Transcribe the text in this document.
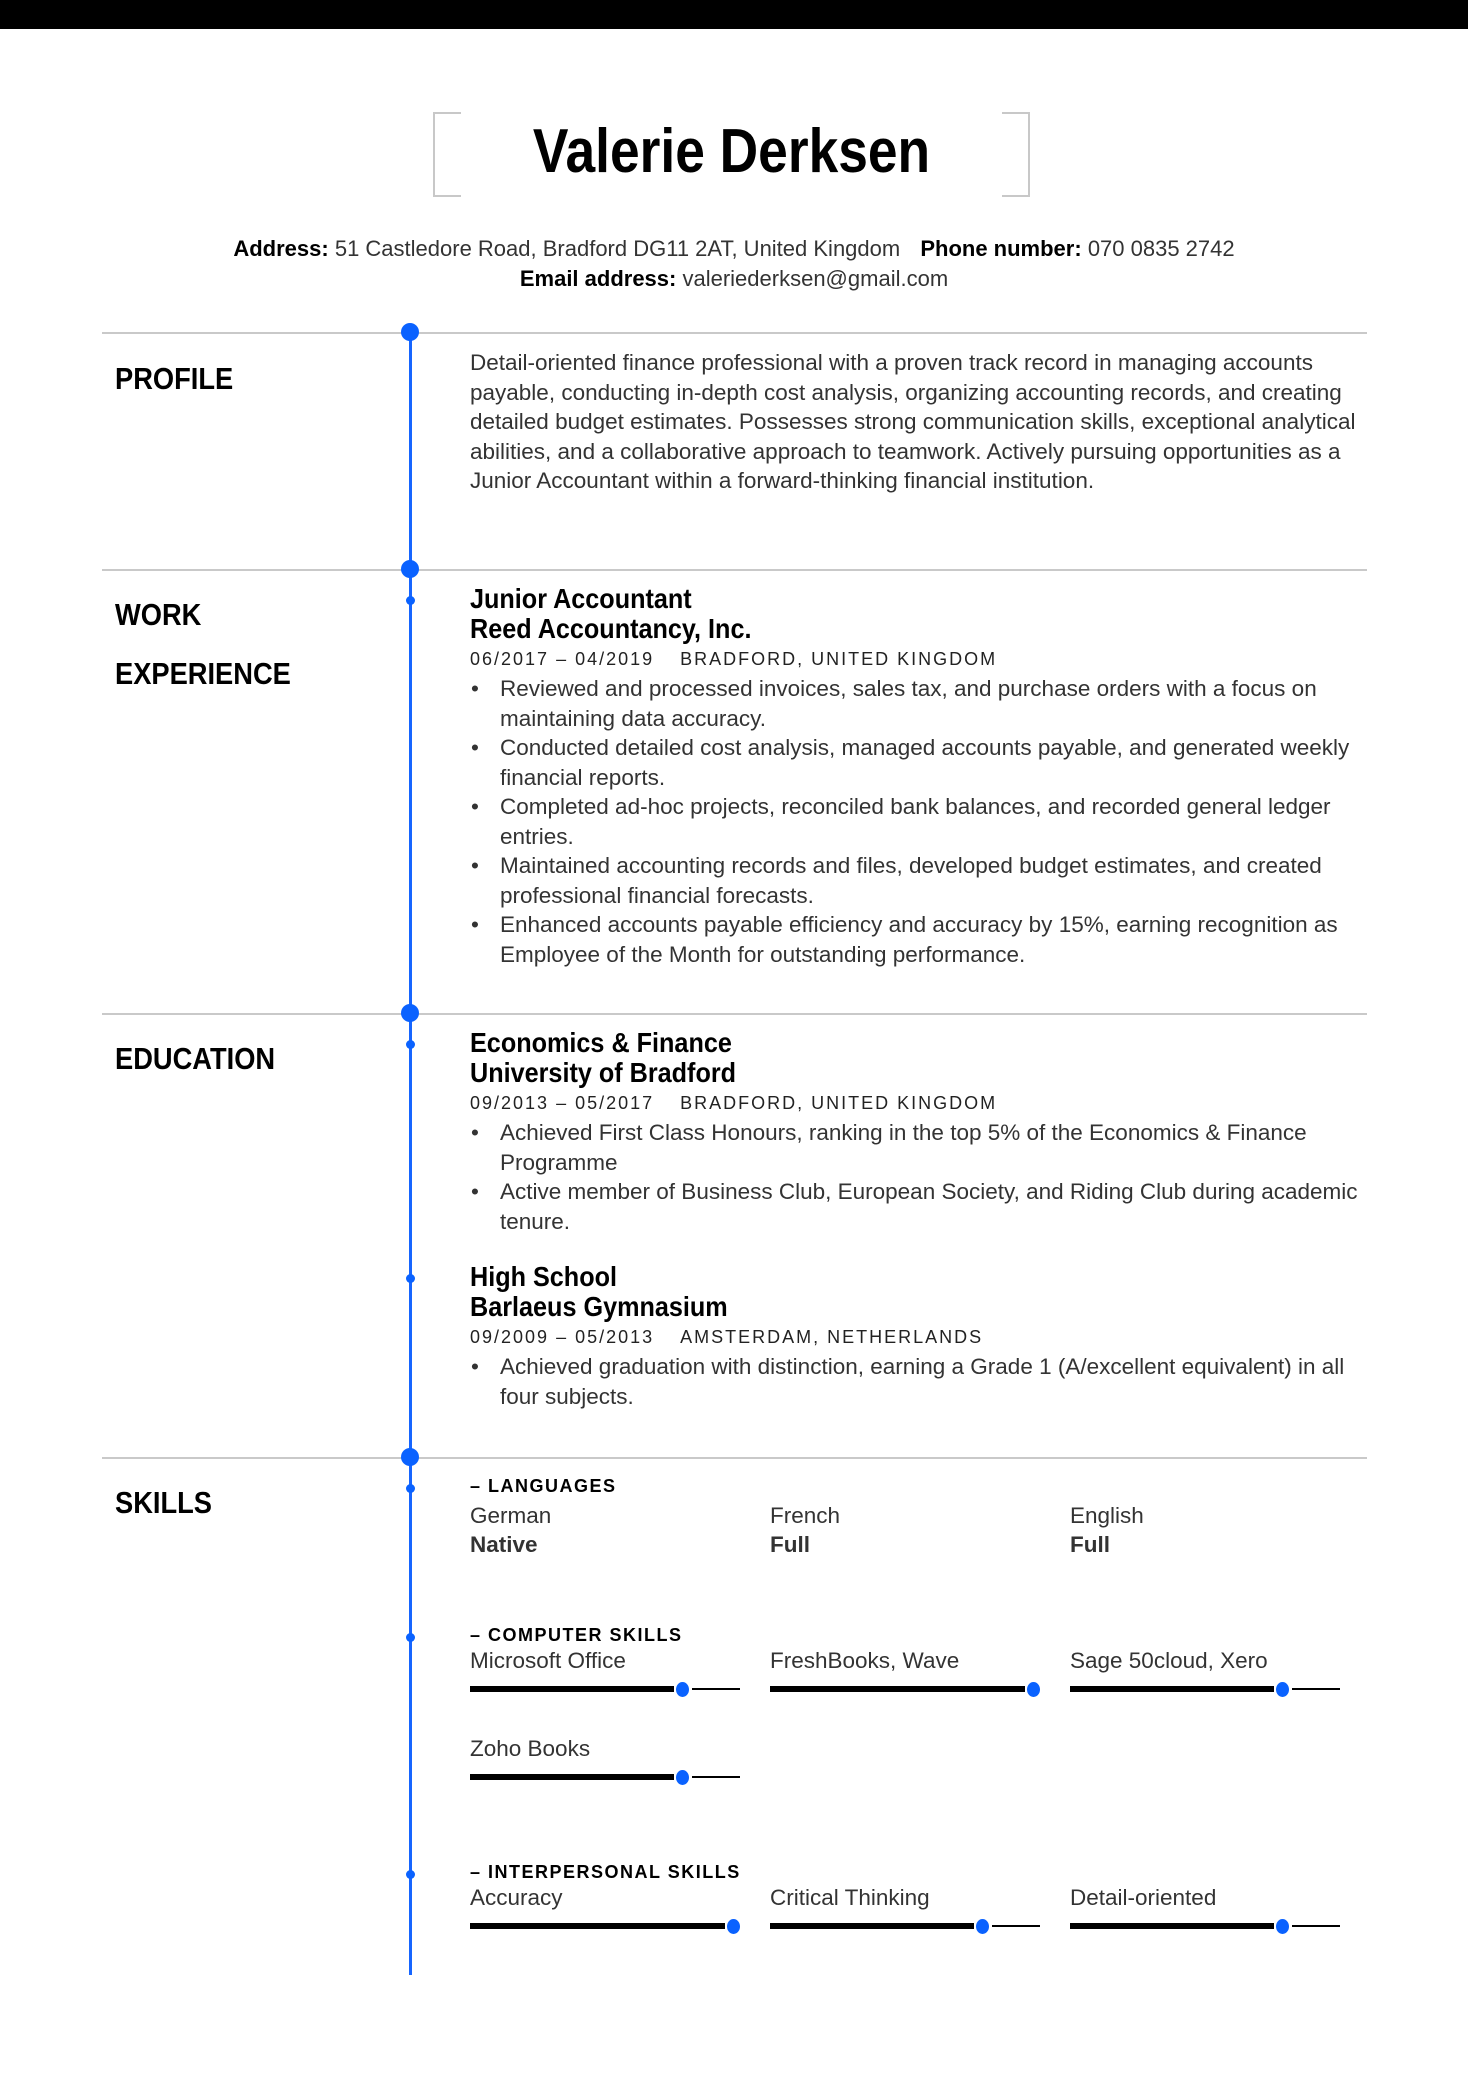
Valerie Derksen
Address: 51 Castledore Road, Bradford DG11 2AT, United Kingdom Phone number: 070 0835 2742
Email address: valeriederksen@gmail.com
PROFILE	Detail-oriented finance professional with a proven track record in managing accounts payable, conducting in-depth cost analysis, organizing accounting records, and creating detailed budget estimates. Possesses strong communication skills, exceptional analytical abilities, and a collaborative approach to teamwork. Actively pursuing opportunities as a Junior Accountant within a forward-thinking financial institution.
WORK
EXPERIENCE
Junior Accountant
Reed Accountancy, Inc.
06/2017 – 04/2019 BRADFORD, UNITED KINGDOM
• Reviewed and processed invoices, sales tax, and purchase orders with a focus on maintaining data accuracy.
• Conducted detailed cost analysis, managed accounts payable, and generated weekly financial reports.
• Completed ad-hoc projects, reconciled bank balances, and recorded general ledger entries.
• Maintained accounting records and files, developed budget estimates, and created professional financial forecasts.
• Enhanced accounts payable efficiency and accuracy by 15%, earning recognition as Employee of the Month for outstanding performance.
EDUCATION	Economics & Finance
University of Bradford
09/2013 – 05/2017 BRADFORD, UNITED KINGDOM
• Achieved First Class Honours, ranking in the top 5% of the Economics & Finance Programme
• Active member of Business Club, European Society, and Riding Club during academic tenure.
High School
Barlaeus Gymnasium
09/2009 – 05/2013 AMSTERDAM, NETHERLANDS
• Achieved graduation with distinction, earning a Grade 1 (A/excellent equivalent) in all four subjects.
SKILLS	– LANGUAGES
German
Native
French
Full
English
Full
– COMPUTER SKILLS
Microsoft Office	FreshBooks, Wave	Sage 50cloud, Xero
Zoho Books
– INTERPERSONAL SKILLS
Accuracy	Critical Thinking	Detail-oriented
